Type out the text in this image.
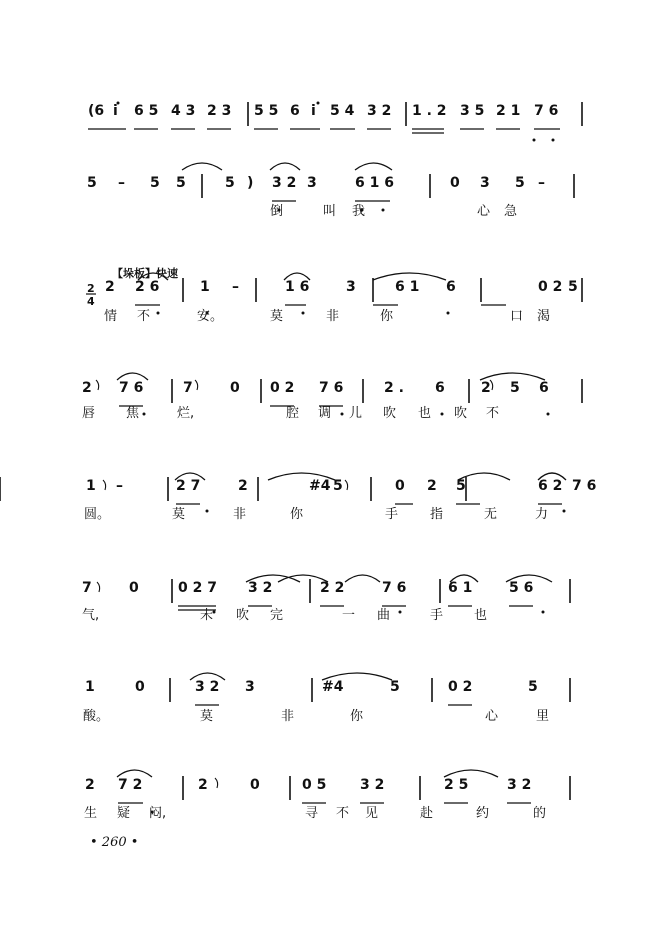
【垛板】快速
• 260 •
(6 i 6 5 4 3 2 3 5 5 6 i 5 4 3 2 1 . 2 3 5 2 1 7 6
5 – 5 5	5 ) 3 2 3	6 1 6	0 3 5 –
倒	叫 我	心 急
2 2 6	1 –	1 6	3	6 1 6	0 2 5
情 不	安。	莫	非	你	口 渴
2 7 6	7	0 0 2 7 6	2 . 6	2 5 6
唇 焦	烂,	腔 调 儿 吹 也 吹 不
1 –	2 7	2	#4 5	0 2 5	6 2 7 6
圆。	莫	非	你	手 指	无	力
7	0	0 2 7 3 2	2 2	7 6	6 1	5 6
气,	未 吹 完	一 曲	手 也
1	0	3 2 3	#4	5	0 2	5
酸。	莫	非	你	心	里
2 7 2	2	0	0 5 3 2	2 5	3 2
生 疑 闷,	寻 不 见	赴	约	的
2
4
